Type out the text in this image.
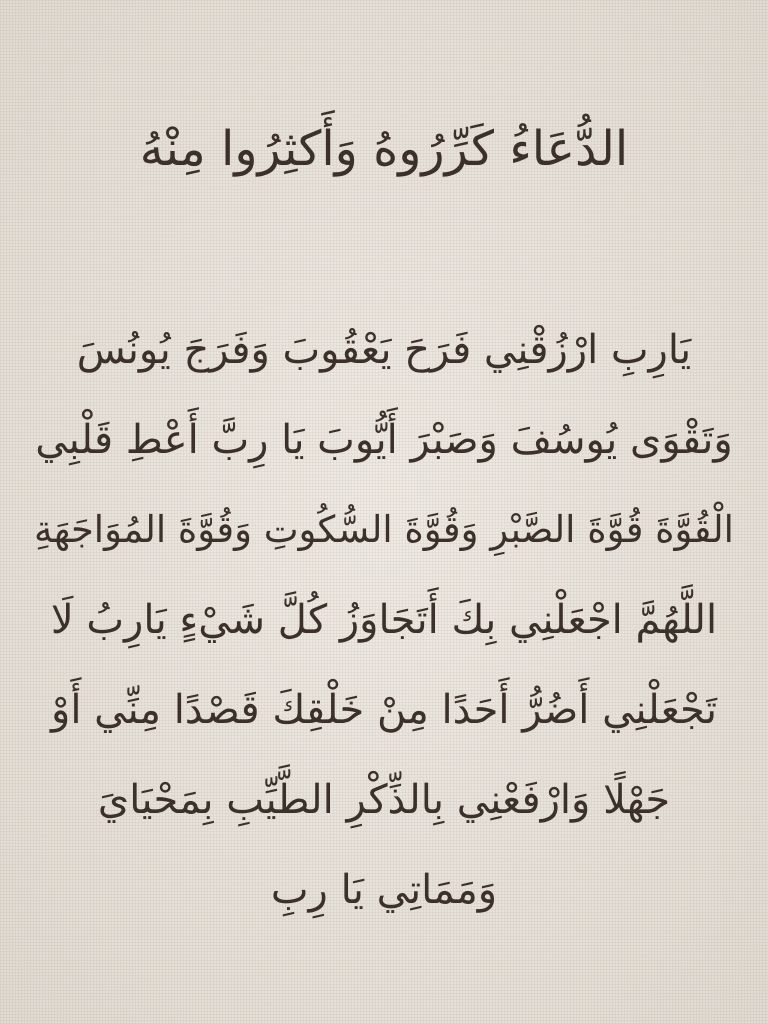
الدُّعَاءُ كَرِّرُوهُ وَأَكثِرُوا مِنْهُ
يَارِبِ ارْزُقْنِي فَرَحَ يَعْقُوبَ وَفَرَجَ يُونُسَ
وَتَقْوَى يُوسُفَ وَصَبْرَ أَيُّوبَ يَا رِبَّ أَعْطِ قَلْبِي
الْقُوَّةَ قُوَّةَ الصَّبْرِ وَقُوَّةَ السُّكُوتِ وَقُوَّةَ المُوَاجَهَةِ
اللَّهُمَّ اجْعَلْنِي بِكَ أَتَجَاوَزُ كُلَّ شَيْءٍ يَارِبُ لَا
تَجْعَلْنِي أَضُرُّ أَحَدًا مِنْ خَلْقِكَ قَصْدًا مِنِّي أَوْ
جَهْلًا وَارْفَعْنِي بِالذِّكْرِ الطَّيِّبِ بِمَحْيَايَ
وَمَمَاتِي يَا رِبِ
